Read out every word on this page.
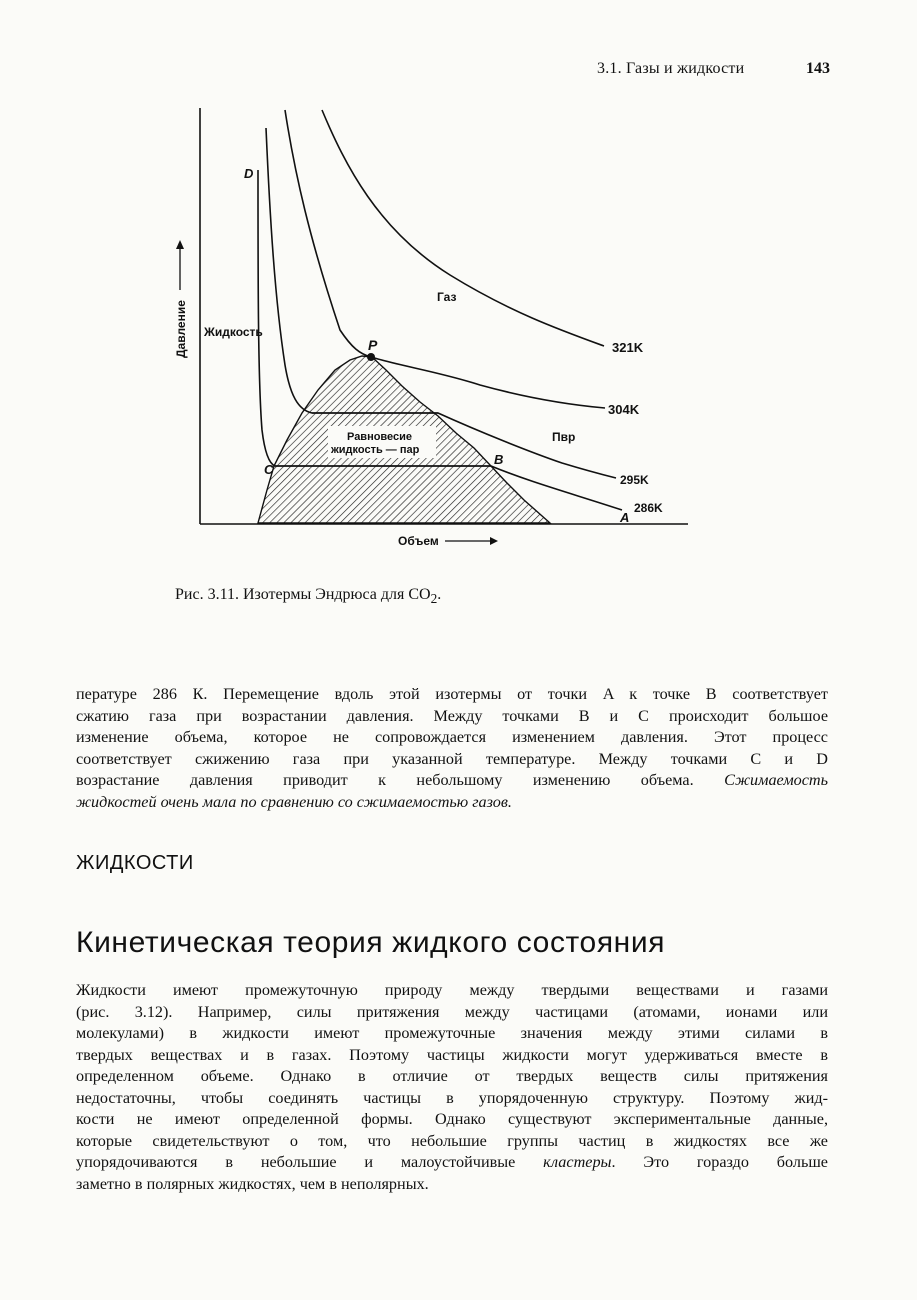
3.1. Газы и жидкости	143
321K
304K
295K
286K
D
P
C
B
A
Газ
Жидкость
Пвр
Равновесие
жидкость — пар
Объем
Давление
Рис. 3.11. Изотермы Эндрюса для $CO_2$.
пературе 286 К. Перемещение вдоль этой изотермы от точки A к точке B соответствует
сжатию газа при возрастании давления. Между точками B и C происходит большое
изменение объема, которое не сопровождается изменением давления. Этот процесс
соответствует сжижению газа при указанной температуре. Между точками C и D
возрастание давления приводит к небольшому изменению объема. Сжимаемость
жидкостей очень мала по сравнению со сжимаемостью газов.
ЖИДКОСТИ
Кинетическая теория жидкого состояния
Жидкости имеют промежуточную природу между твердыми веществами и газами
(рис. 3.12). Например, силы притяжения между частицами (атомами, ионами или
молекулами) в жидкости имеют промежуточные значения между этими силами в
твердых веществах и в газах. Поэтому частицы жидкости могут удерживаться вместе в
определенном объеме. Однако в отличие от твердых веществ силы притяжения
недостаточны, чтобы соединять частицы в упорядоченную структуру. Поэтому жид-
кости не имеют определенной формы. Однако существуют экспериментальные данные,
которые свидетельствуют о том, что небольшие группы частиц в жидкостях все же
упорядочиваются в небольшие и малоустойчивые кластеры. Это гораздо больше
заметно в полярных жидкостях, чем в неполярных.
